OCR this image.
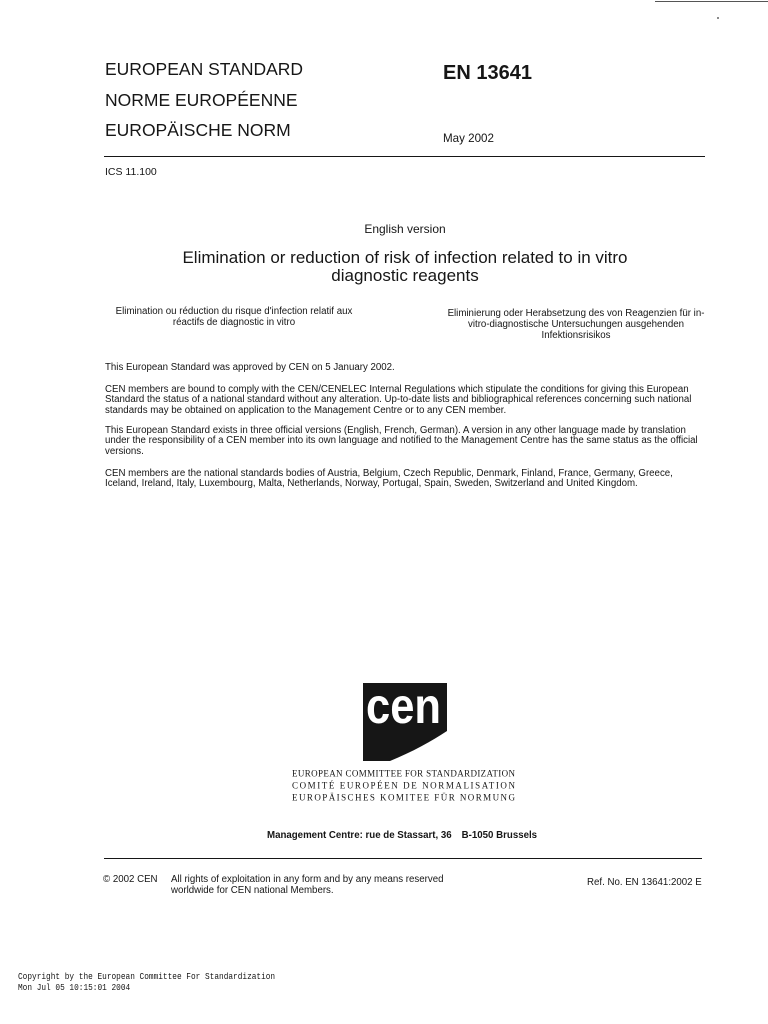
EUROPEAN STANDARD
NORME EUROPÉENNE
EUROPÄISCHE NORM
EN 13641
May 2002
ICS 11.100
English version
Elimination or reduction of risk of infection related to in vitro
diagnostic reagents
Elimination ou réduction du risque d'infection relatif aux
réactifs de diagnostic in vitro
Eliminierung oder Herabsetzung des von Reagenzien für in-
vitro-diagnostische Untersuchungen ausgehenden
Infektionsrisikos
This European Standard was approved by CEN on 5 January 2002.
CEN members are bound to comply with the CEN/CENELEC Internal Regulations which stipulate the conditions for giving this European
Standard the status of a national standard without any alteration. Up-to-date lists and bibliographical references concerning such national
standards may be obtained on application to the Management Centre or to any CEN member.
This European Standard exists in three official versions (English, French, German). A version in any other language made by translation
under the responsibility of a CEN member into its own language and notified to the Management Centre has the same status as the official
versions.
CEN members are the national standards bodies of Austria, Belgium, Czech Republic, Denmark, Finland, France, Germany, Greece,
Iceland, Ireland, Italy, Luxembourg, Malta, Netherlands, Norway, Portugal, Spain, Sweden, Switzerland and United Kingdom.
cen
EUROPEAN COMMITTEE FOR STANDARDIZATION
COMITÉ EUROPÉEN DE NORMALISATION
EUROPÄISCHES KOMITEE FÜR NORMUNG
Management Centre: rue de Stassart, 36 B-1050 Brussels
© 2002 CEN All rights of exploitation in any form and by any means reserved
worldwide for CEN national Members.
Ref. No. EN 13641:2002 E
Copyright by the European Committee For Standardization
Mon Jul 05 10:15:01 2004
